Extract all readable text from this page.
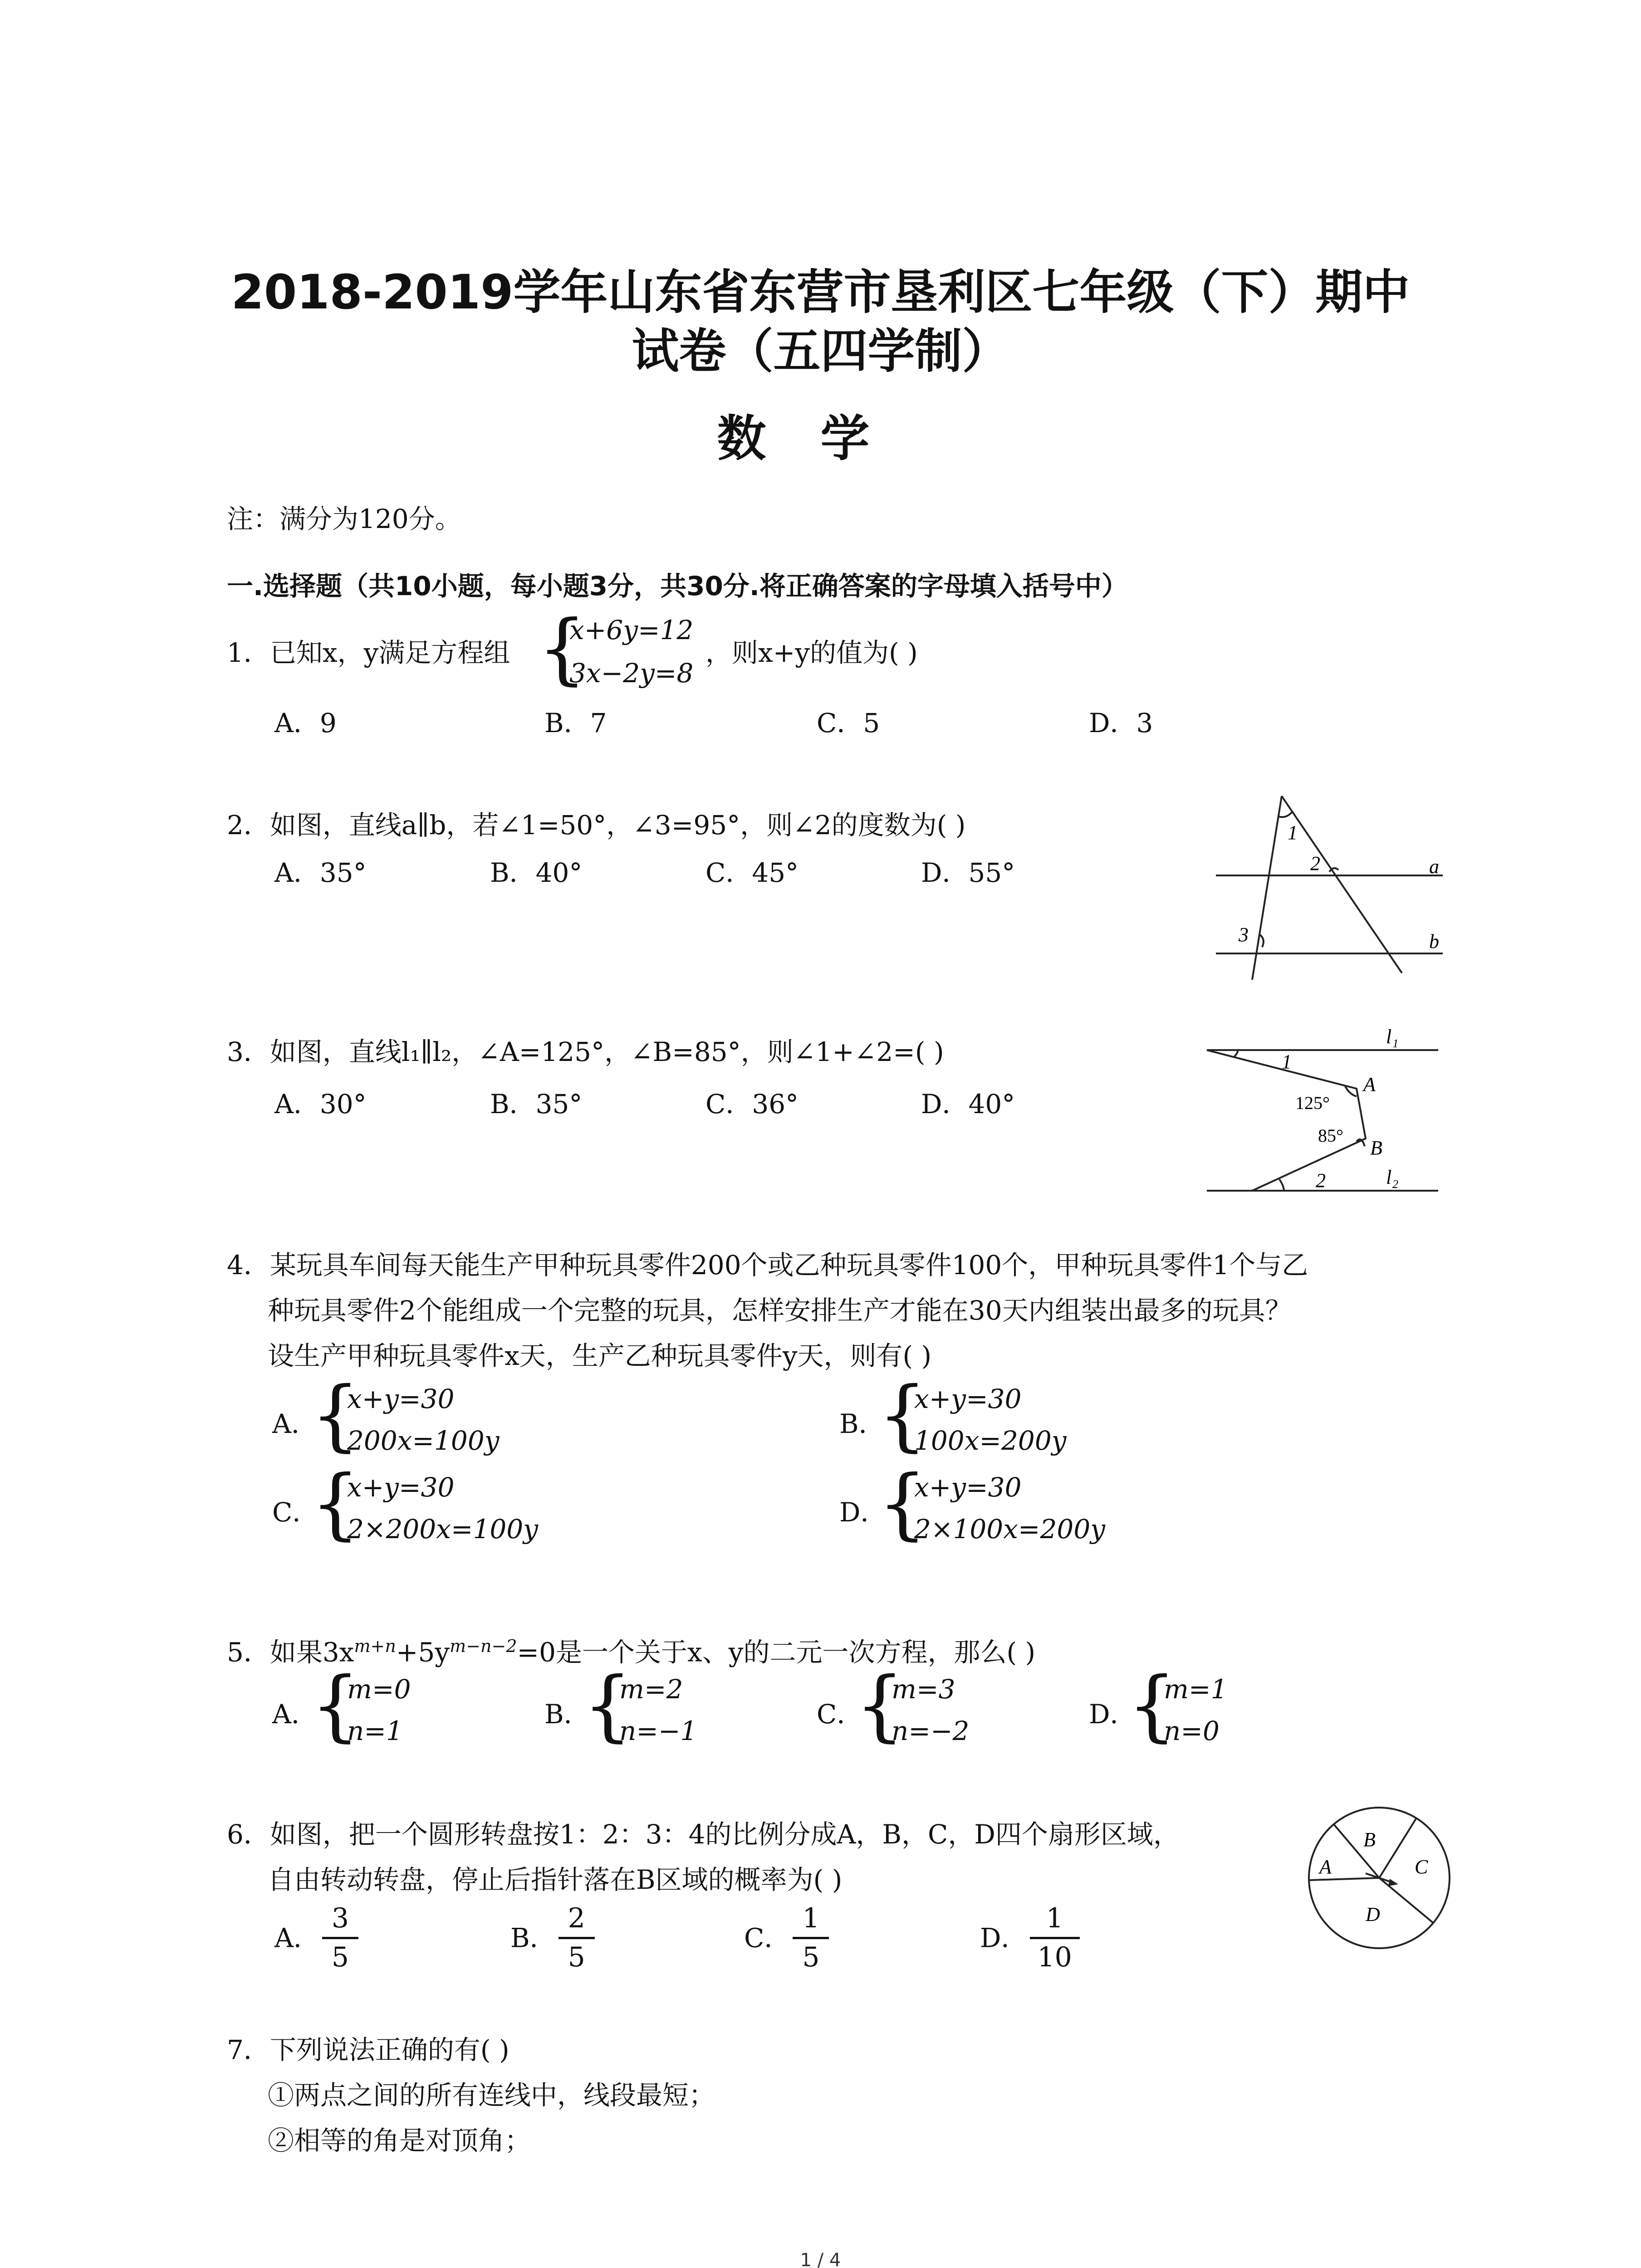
2018-2019学年山东省东营市垦利区七年级（下）期中
试卷（五四学制）
数学
注：满分为120分。
一.选择题（共10小题，每小题3分，共30分.将正确答案的字母填入括号中）
1．已知x，y满足方程组 {
x+6y=12
3x−2y=8
，则x+y的值为( )
A．9	B．7	C．5	D．3
2．如图，直线a∥b，若∠1=50°，∠3=95°，则∠2的度数为( )
A．35°	B．40°	C．45°	D．55°
1
2
3
a
b
3．如图，直线l₁∥l₂，∠A=125°，∠B=85°，则∠1+∠2=( )
A．30°	B．35°	C．36°	D．40°
l₁
l₂
1
2
A
B
125°
85°
4．某玩具车间每天能生产甲种玩具零件200个或乙种玩具零件100个，甲种玩具零件1个与乙
种玩具零件2个能组成一个完整的玩具，怎样安排生产才能在30天内组装出最多的玩具？
设生产甲种玩具零件x天，生产乙种玩具零件y天，则有( )
A．
{
x+y=30
200x=100y
B．
{
x+y=30
100x=200y
C．
{
x+y=30
2×200x=100y
D．
{
x+y=30
2×100x=200y
5．如果$3x^{m+n}+5y^{m-n-2}=0$是一个关于x、y的二元一次方程，那么( )
A．
{
m=0
n=1
B．
{
m=2
n=−1
C．
{
m=3
n=−2
D．
{
m=1
n=0
6．如图，把一个圆形转盘按1：2：3：4的比例分成A，B，C，D四个扇形区域，
自由转动转盘，停止后指针落在B区域的概率为( )
A．
3
5
B．
2
5
C．
1
5
D．
1
10
A
B
C
D
7．下列说法正确的有( )
①两点之间的所有连线中，线段最短；
②相等的角是对顶角；
1 / 4
